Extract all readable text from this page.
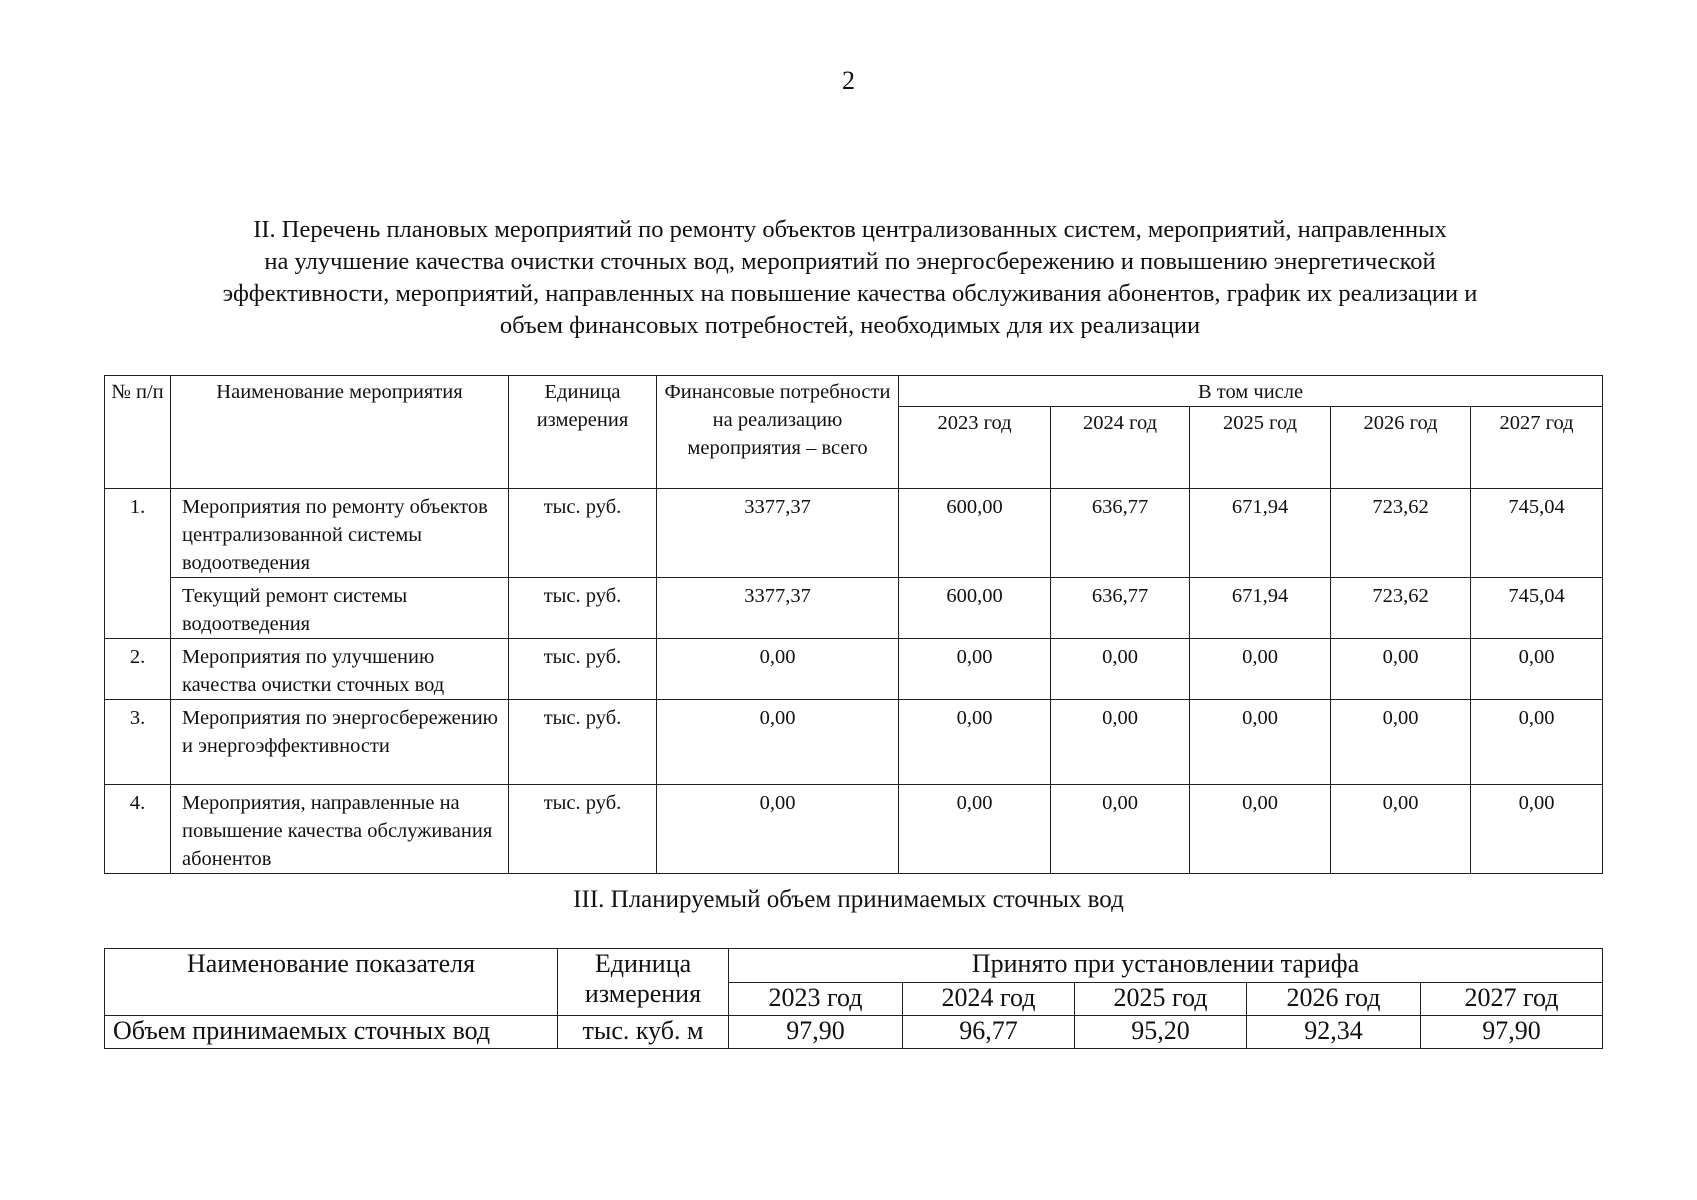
2
II. Перечень плановых мероприятий по ремонту объектов централизованных систем, мероприятий, направленных
на улучшение качества очистки сточных вод, мероприятий по энергосбережению и повышению энергетической
эффективности, мероприятий, направленных на повышение качества обслуживания абонентов, график их реализации и
объем финансовых потребностей, необходимых для их реализации
№ п/п	Наименование мероприятия	Единица измерения	Финансовые потребности на реализацию мероприятия – всего	В том числе				
				2023 год	2024 год	2025 год	2026 год	2027 год
1.	Мероприятия по ремонту объектов централизованной системы водоотведения	тыс. руб.	3377,37	600,00	636,77	671,94	723,62	745,04
	Текущий ремонт системы водоотведения	тыс. руб.	3377,37	600,00	636,77	671,94	723,62	745,04
2.	Мероприятия по улучшению качества очистки сточных вод	тыс. руб.	0,00	0,00	0,00	0,00	0,00	0,00
3.	Мероприятия по энергосбережению и энергоэффективности	тыс. руб.	0,00	0,00	0,00	0,00	0,00	0,00
4.	Мероприятия, направленные на повышение качества обслуживания абонентов	тыс. руб.	0,00	0,00	0,00	0,00	0,00	0,00
III. Планируемый объем принимаемых сточных вод
Наименование показателя	Единица измерения	Принято при установлении тарифа				
		2023 год	2024 год	2025 год	2026 год	2027 год
Объем принимаемых сточных вод	тыс. куб. м	97,90	96,77	95,20	92,34	97,90
